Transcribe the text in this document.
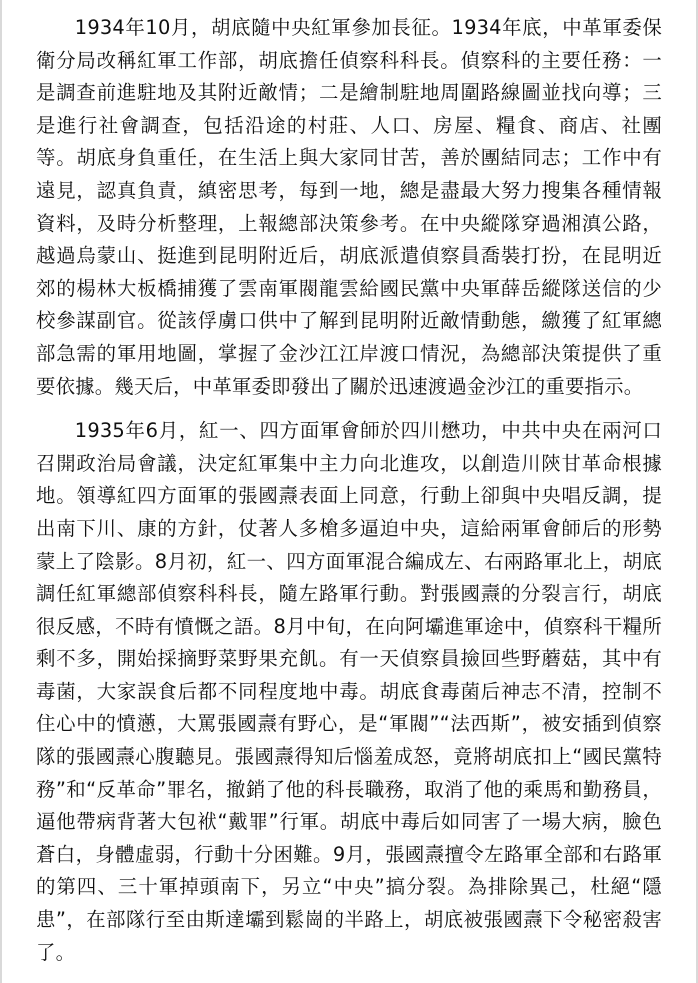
1934年10月，胡底隨中央紅軍參加長征。1934年底，中革軍委保衛分局改稱紅軍工作部，胡底擔任偵察科科長。偵察科的主要任務：一是調查前進駐地及其附近敵情；二是繪制駐地周圍路線圖並找向導；三是進行社會調查，包括沿途的村莊、人口、房屋、糧食、商店、社團等。胡底身負重任，在生活上與大家同甘苦，善於團結同志；工作中有遠見，認真負責，縝密思考，每到一地，總是盡最大努力搜集各種情報資料，及時分析整理，上報總部決策參考。在中央縱隊穿過湘滇公路，越過烏蒙山、挺進到昆明附近后，胡底派遣偵察員喬裝打扮，在昆明近郊的楊林大板橋捕獲了雲南軍閥龍雲給國民黨中央軍薛岳縱隊送信的少校參謀副官。從該俘虜口供中了解到昆明附近敵情動態，繳獲了紅軍總部急需的軍用地圖，掌握了金沙江江岸渡口情況，為總部決策提供了重要依據。幾天后，中革軍委即發出了關於迅速渡過金沙江的重要指示。

1935年6月，紅一、四方面軍會師於四川懋功，中共中央在兩河口召開政治局會議，決定紅軍集中主力向北進攻，以創造川陝甘革命根據地。領導紅四方面軍的張國燾表面上同意，行動上卻與中央唱反調，提出南下川、康的方針，仗著人多槍多逼迫中央，這給兩軍會師后的形勢蒙上了陰影。8月初，紅一、四方面軍混合編成左、右兩路軍北上，胡底調任紅軍總部偵察科科長，隨左路軍行動。對張國燾的分裂言行，胡底很反感，不時有憤慨之語。8月中旬，在向阿壩進軍途中，偵察科干糧所剩不多，開始採摘野菜野果充飢。有一天偵察員撿回些野蘑菇，其中有毒菌，大家誤食后都不同程度地中毒。胡底食毒菌后神志不清，控制不住心中的憤懣，大罵張國燾有野心，是“軍閥”“法西斯”，被安插到偵察隊的張國燾心腹聽見。張國燾得知后惱羞成怒，竟將胡底扣上“國民黨特務”和“反革命”罪名，撤銷了他的科長職務，取消了他的乘馬和勤務員，逼他帶病背著大包袱“戴罪”行軍。胡底中毒后如同害了一場大病，臉色蒼白，身體虛弱，行動十分困難。9月，張國燾擅令左路軍全部和右路軍的第四、三十軍掉頭南下，另立“中央”搞分裂。為排除異己，杜絕“隱患”，在部隊行至由斯達壩到鬆崗的半路上，胡底被張國燾下令秘密殺害了。
